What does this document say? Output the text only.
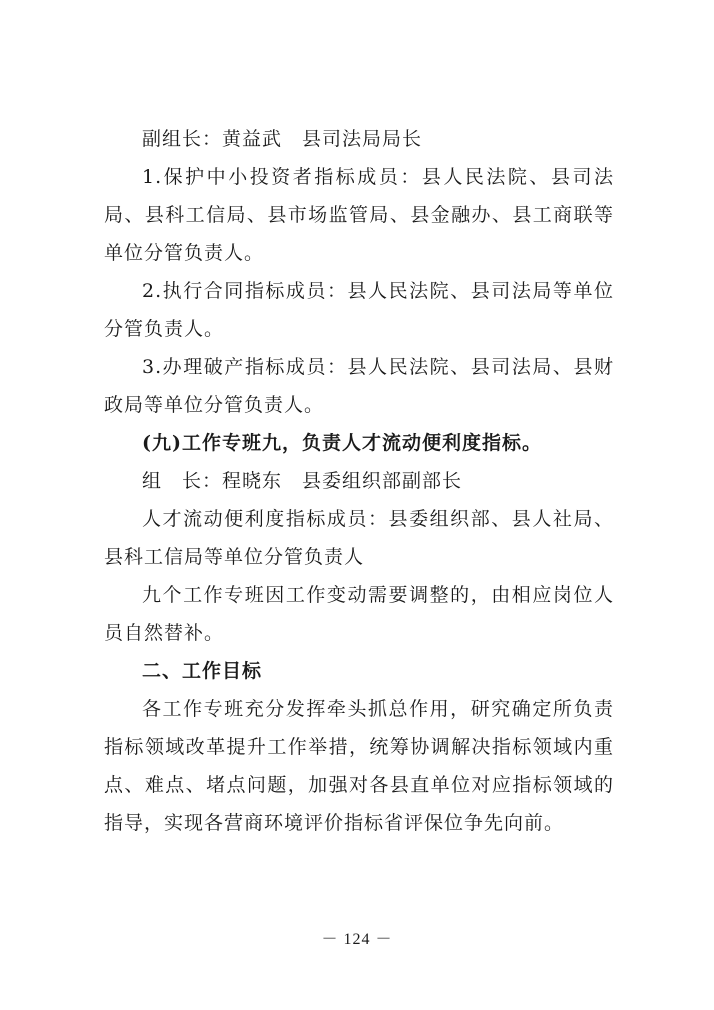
副组长：黄益武　县司法局局长

1.保护中小投资者指标成员：县人民法院、县司法局、县科工信局、县市场监管局、县金融办、县工商联等单位分管负责人。

2.执行合同指标成员：县人民法院、县司法局等单位分管负责人。

3.办理破产指标成员：县人民法院、县司法局、县财政局等单位分管负责人。

(九)工作专班九，负责人才流动便利度指标。

组　长：程晓东　县委组织部副部长

人才流动便利度指标成员：县委组织部、县人社局、县科工信局等单位分管负责人

九个工作专班因工作变动需要调整的，由相应岗位人员自然替补。

二、工作目标

各工作专班充分发挥牵头抓总作用，研究确定所负责指标领域改革提升工作举措，统筹协调解决指标领域内重点、难点、堵点问题，加强对各县直单位对应指标领域的指导，实现各营商环境评价指标省评保位争先向前。

－ 124 －
